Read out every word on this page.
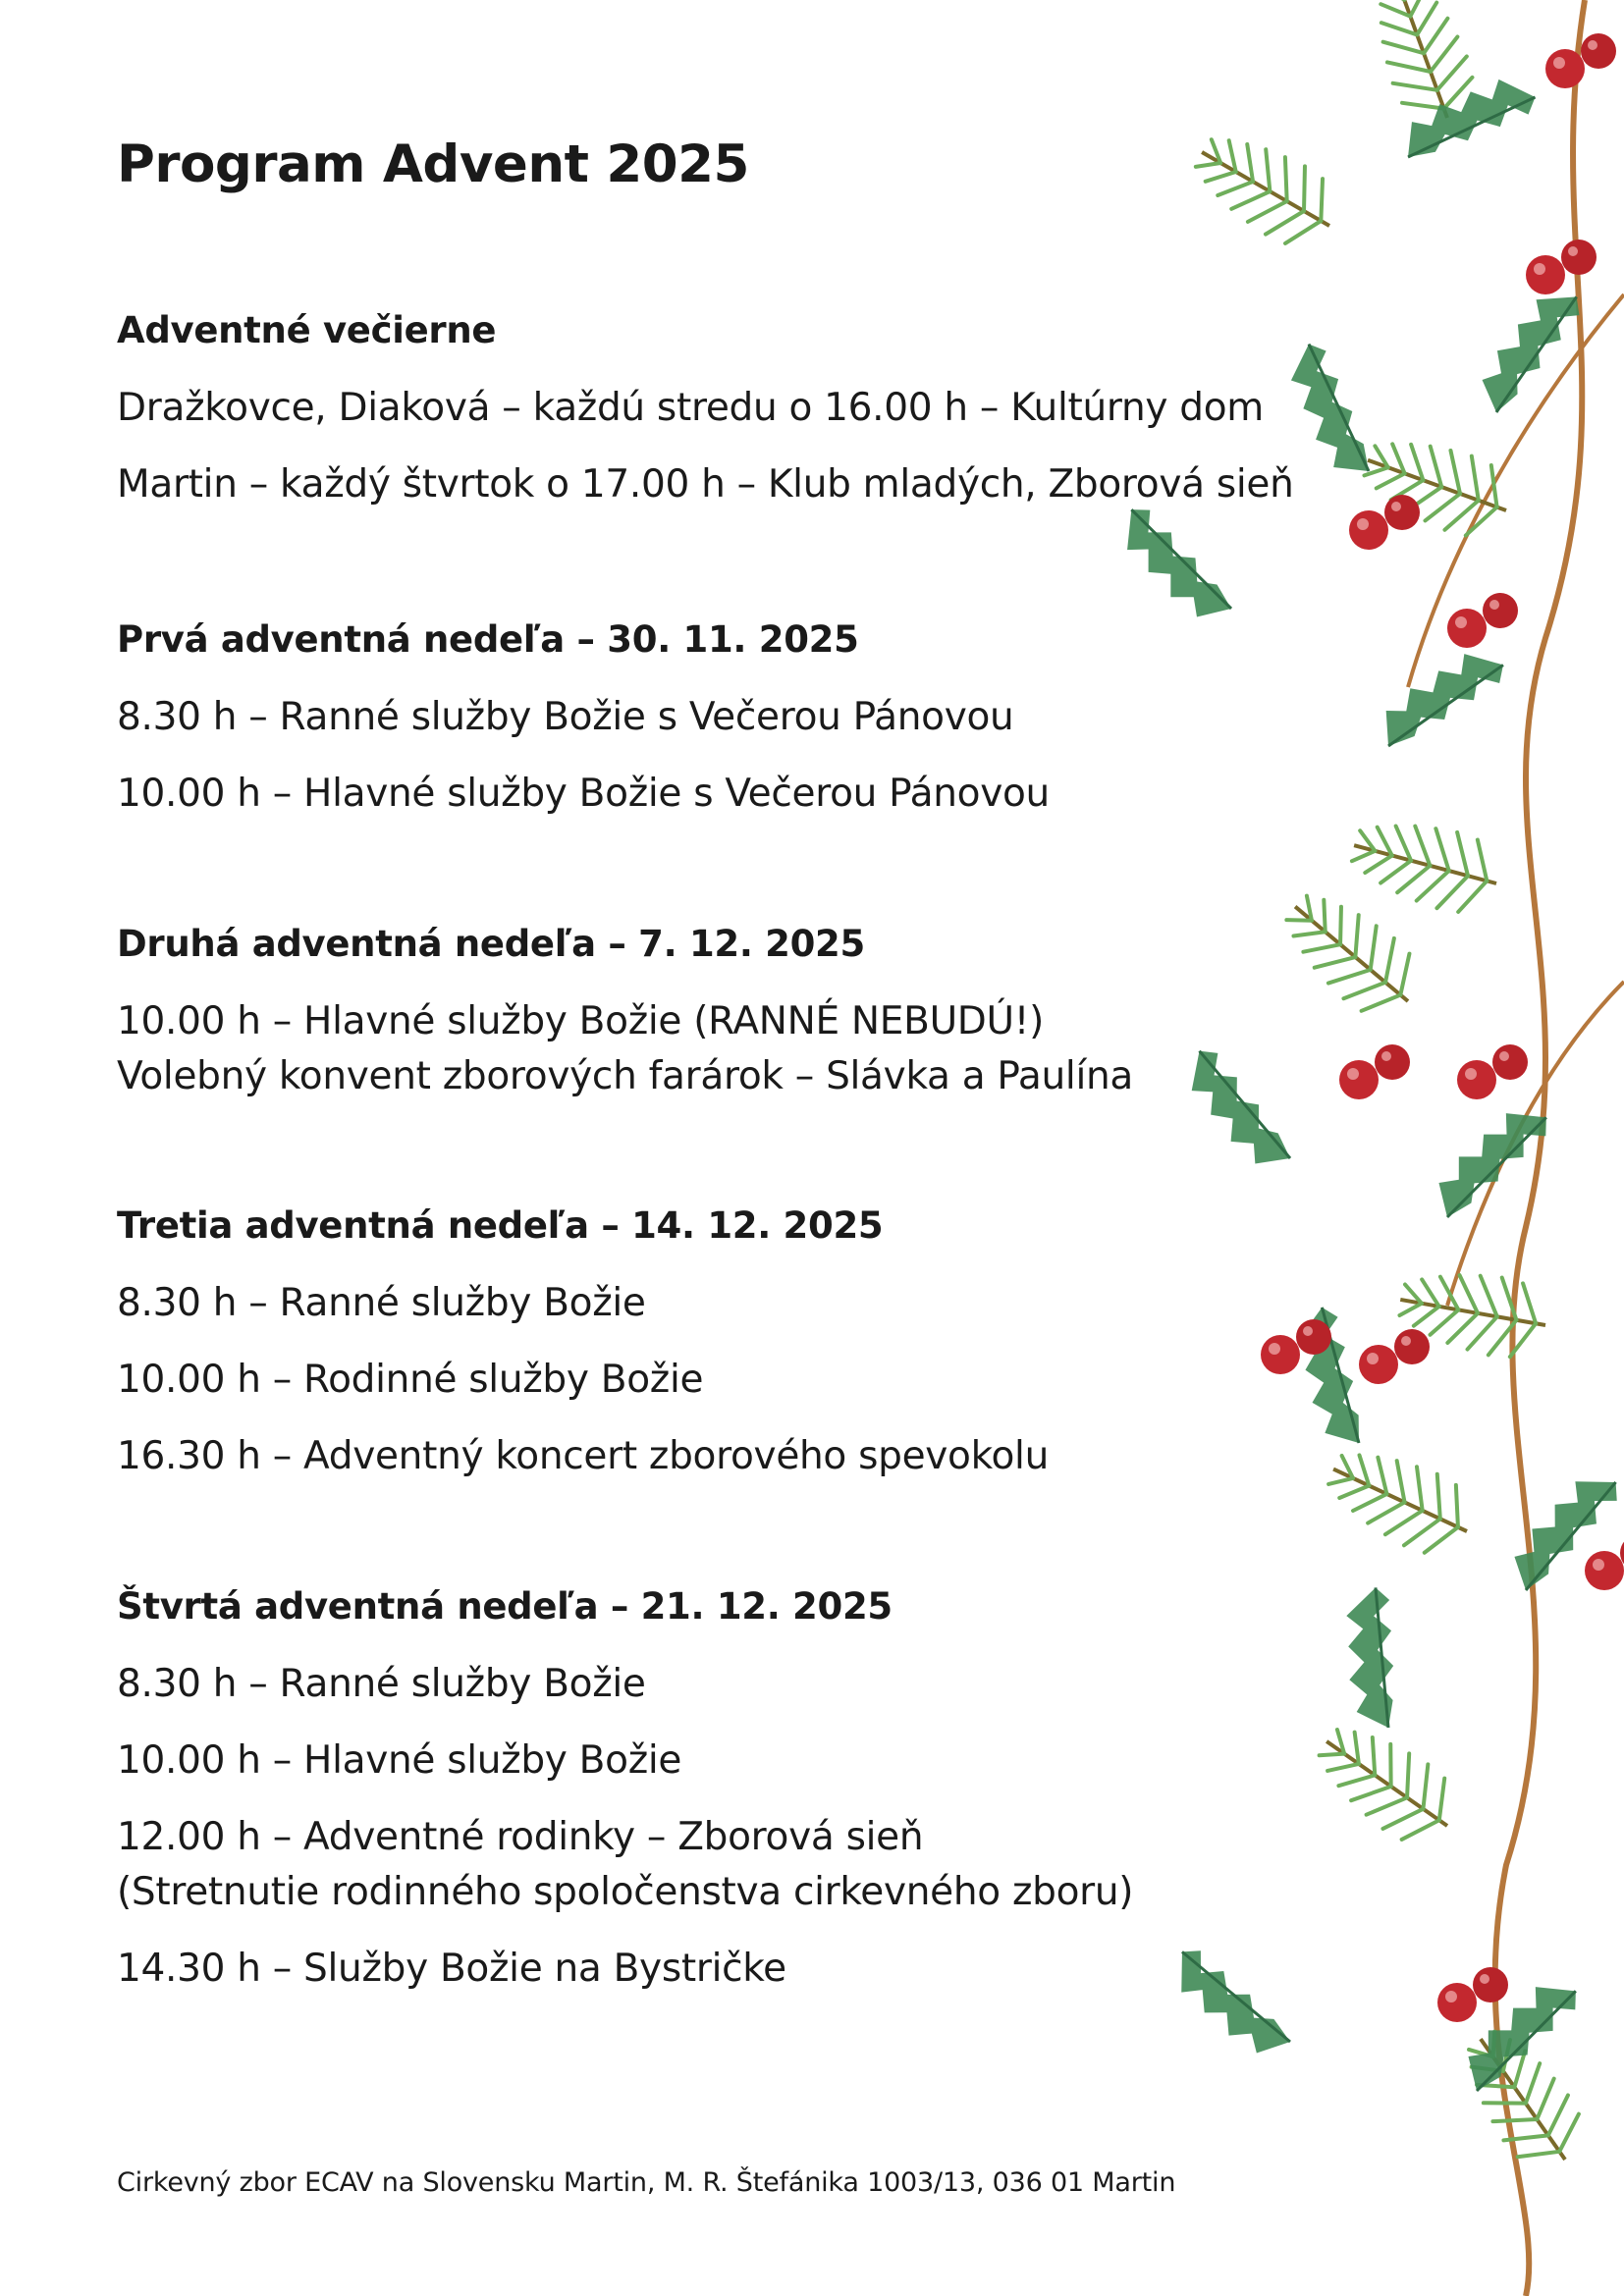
Program Advent 2025
Adventné večierne
Dražkovce, Diaková – každú stredu o 16.00 h – Kultúrny dom
Martin – každý štvrtok o 17.00 h – Klub mladých, Zborová sieň
Prvá adventná nedeľa – 30. 11. 2025
8.30 h – Ranné služby Božie s Večerou Pánovou
10.00 h – Hlavné služby Božie s Večerou Pánovou
Druhá adventná nedeľa – 7. 12. 2025
10.00 h – Hlavné služby Božie (RANNÉ NEBUDÚ!)
Volebný konvent zborových farárok – Slávka a Paulína
Tretia adventná nedeľa – 14. 12. 2025
8.30 h – Ranné služby Božie
10.00 h – Rodinné služby Božie
16.30 h – Adventný koncert zborového spevokolu
Štvrtá adventná nedeľa – 21. 12. 2025
8.30 h – Ranné služby Božie
10.00 h – Hlavné služby Božie
12.00 h – Adventné rodinky – Zborová sieň
(Stretnutie rodinného spoločenstva cirkevného zboru)
14.30 h – Služby Božie na Bystričke
Cirkevný zbor ECAV na Slovensku Martin, M. R. Štefánika 1003/13, 036 01 Martin
